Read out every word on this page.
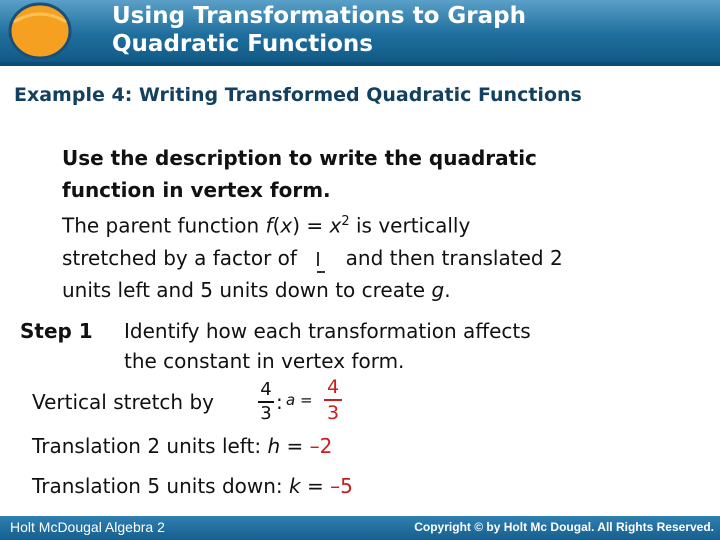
Using Transformations to Graph
Quadratic Functions
Example 4: Writing Transformed Quadratic Functions
Use the description to write the quadratic
function in vertex form.
The parent function $f(x) = x^2$ is vertically
stretched by a factor of
and then translated 2
units left and 5 units down to create g.
Step 1 Identify how each transformation affects
the constant in vertex form.
Vertical stretch by
4
3 : a =
4
3
Translation 2 units left: h = –2
Translation 5 units down: k = –5
Holt McDougal Algebra 2	Copyright © by Holt Mc Dougal. All Rights Reserved.
